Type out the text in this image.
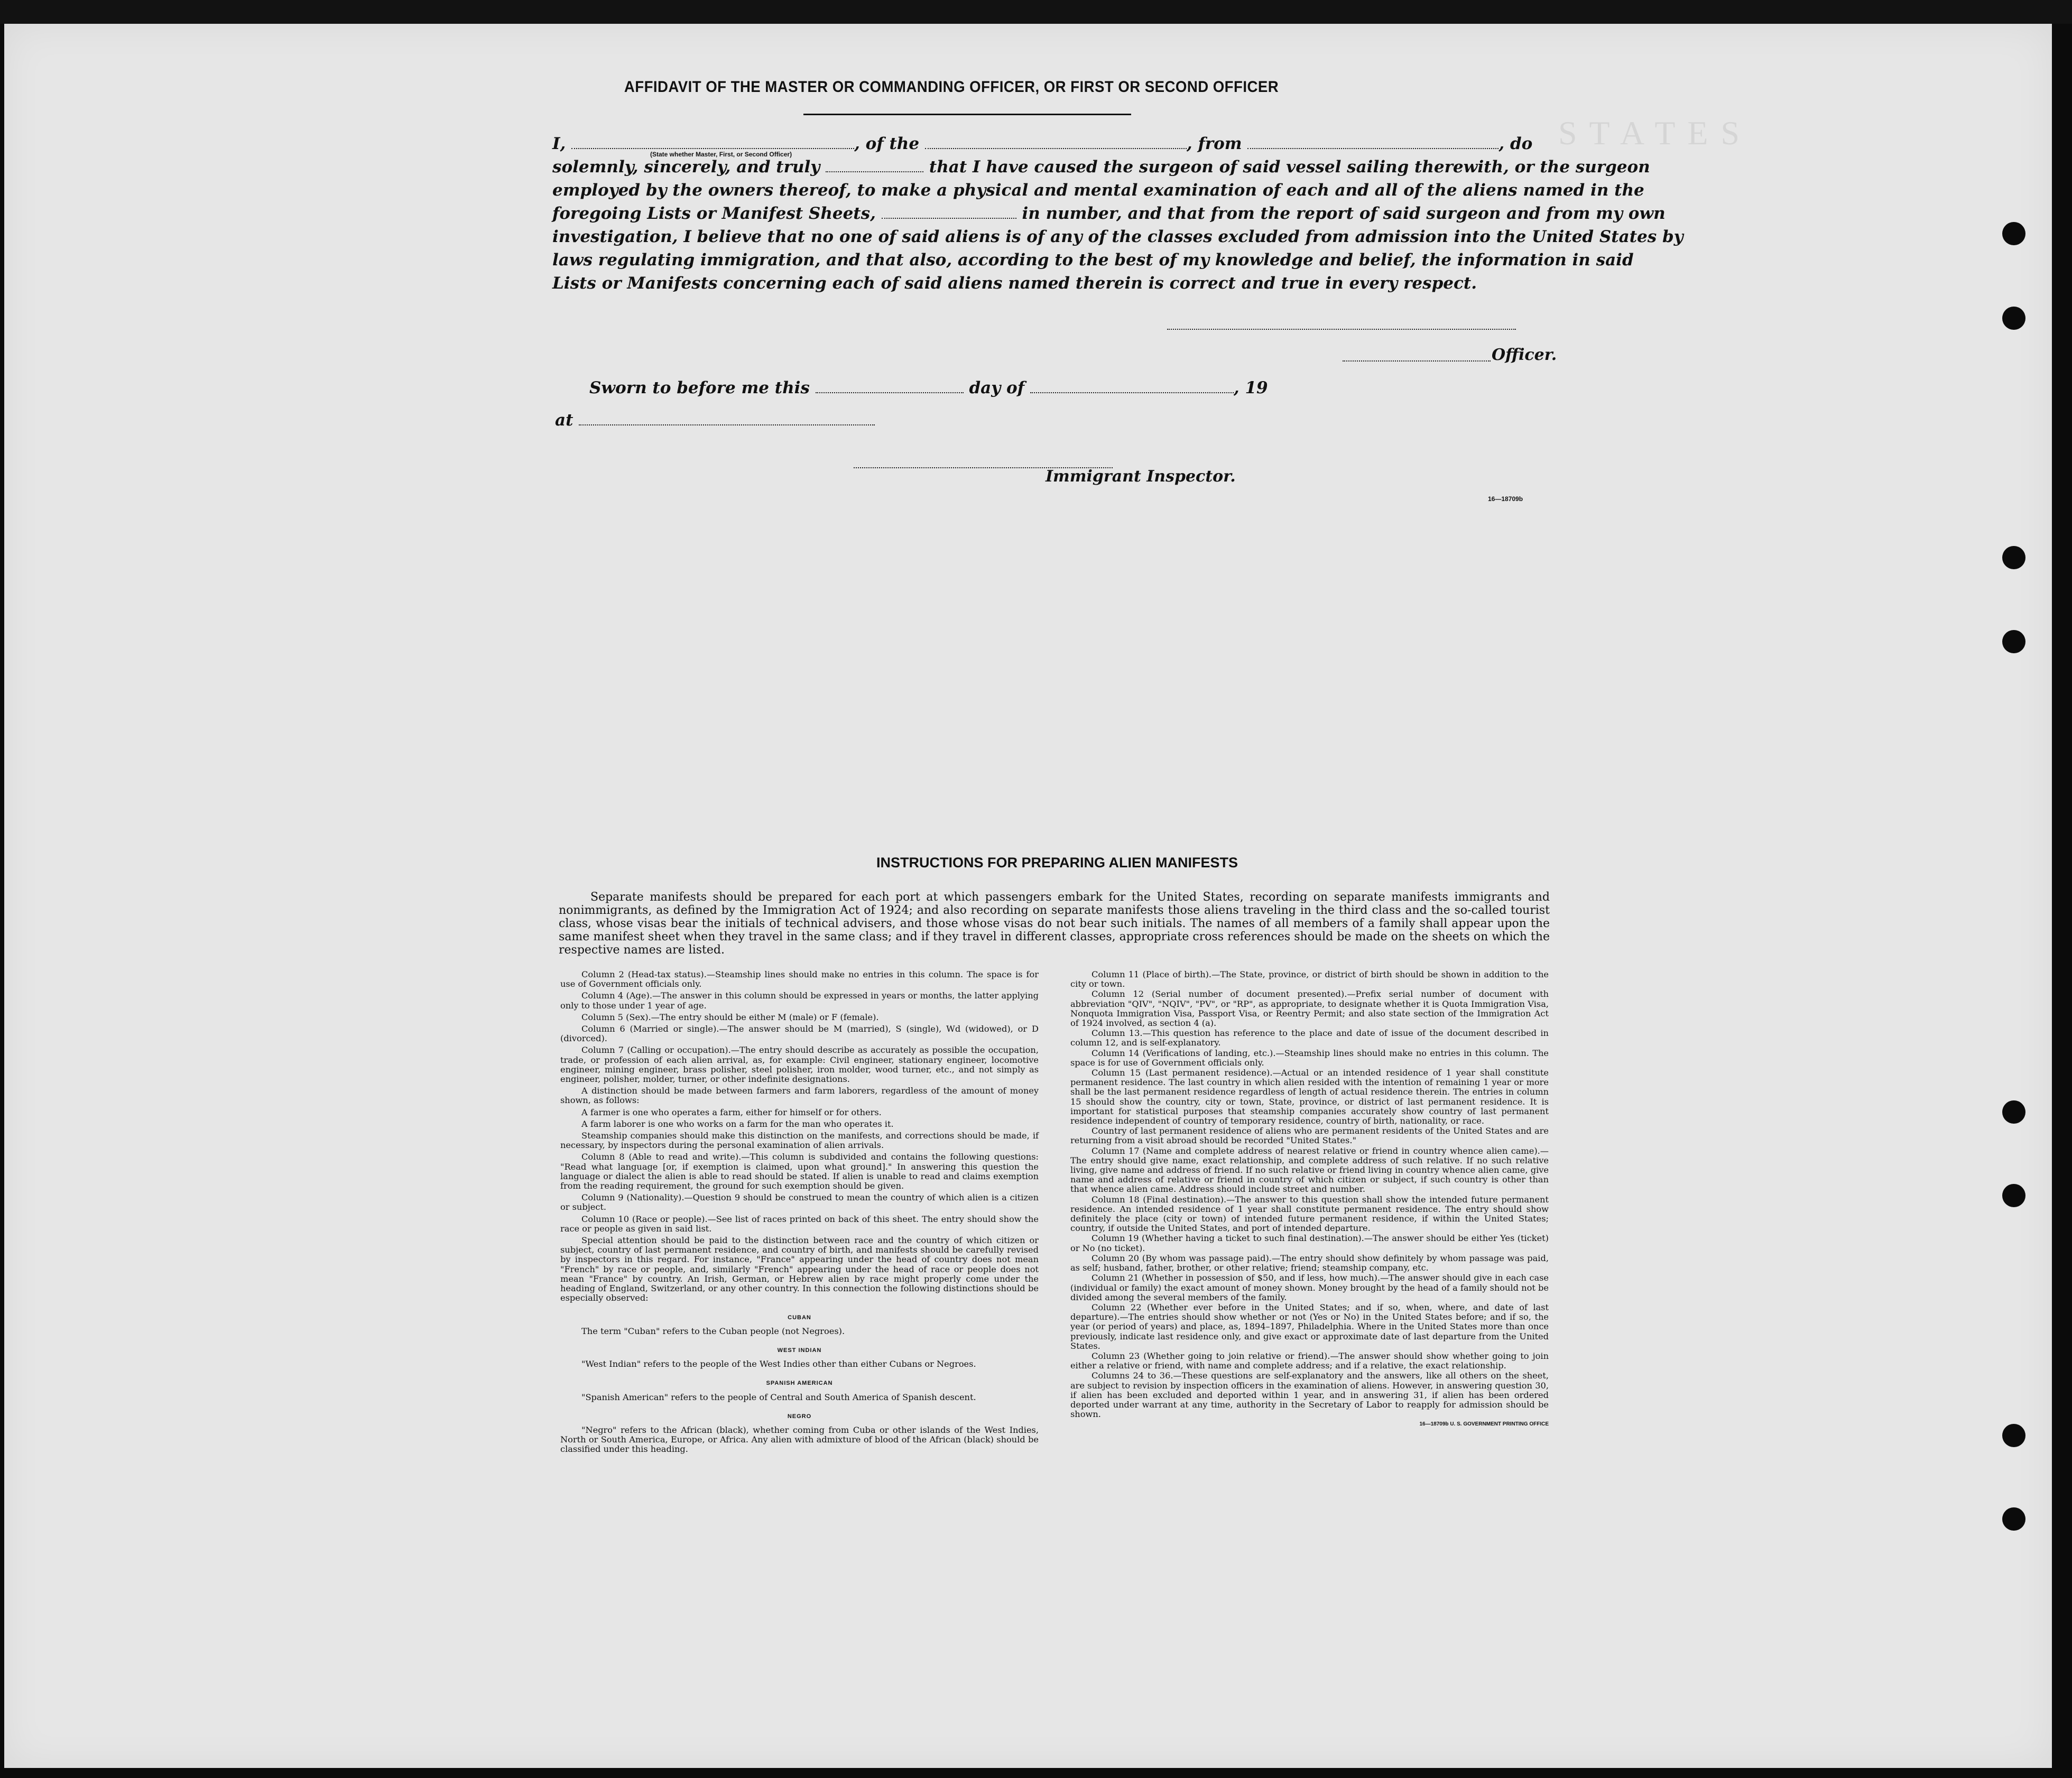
S T A T E S
AFFIDAVIT OF THE MASTER OR COMMANDING OFFICER, OR FIRST OR SECOND OFFICER
I,	, of the	, from	, do
(State whether Master, First, or Second Officer)
solemnly, sincerely, and truly	that I have caused the surgeon of said vessel sailing therewith, or the surgeon
employed by the owners thereof, to make a physical and mental examination of each and all of the aliens named in the
foregoing Lists or Manifest Sheets,	in number, and that from the report of said surgeon and from my own
investigation, I believe that no one of said aliens is of any of the classes excluded from admission into the United States by
laws regulating immigration, and that also, according to the best of my knowledge and belief, the information in said
Lists or Manifests concerning each of said aliens named therein is correct and true in every respect.
Officer.
Sworn to before me this	day of	, 19
at
Immigrant Inspector.
16—18709b
INSTRUCTIONS FOR PREPARING ALIEN MANIFESTS

Separate manifests should be prepared for each port at which passengers embark for the United States, recording on separate manifests immigrants and nonimmigrants, as defined by the Immigration Act of 1924; and also recording on separate manifests those aliens traveling in the third class and the so-called tourist class, whose visas bear the initials of technical advisers, and those whose visas do not bear such initials. The names of all members of a family shall appear upon the same manifest sheet when they travel in the same class; and if they travel in different classes, appropriate cross references should be made on the sheets on which the respective names are listed.

Column 2 (Head-tax status).—Steamship lines should make no entries in this column. The space is for use of Government officials only.

Column 4 (Age).—The answer in this column should be expressed in years or months, the latter applying only to those under 1 year of age.

Column 5 (Sex).—The entry should be either M (male) or F (female).

Column 6 (Married or single).—The answer should be M (married), S (single), Wd (widowed), or D (divorced).

Column 7 (Calling or occupation).—The entry should describe as accurately as possible the occupation, trade, or profession of each alien arrival, as, for example: Civil engineer, stationary engineer, locomotive engineer, mining engineer, brass polisher, steel polisher, iron molder, wood turner, etc., and not simply as engineer, polisher, molder, turner, or other indefinite designations.

A distinction should be made between farmers and farm laborers, regardless of the amount of money shown, as follows:

A farmer is one who operates a farm, either for himself or for others.

A farm laborer is one who works on a farm for the man who operates it.

Steamship companies should make this distinction on the manifests, and corrections should be made, if necessary, by inspectors during the personal examination of alien arrivals.

Column 8 (Able to read and write).—This column is subdivided and contains the following questions: "Read what language [or, if exemption is claimed, upon what ground]." In answering this question the language or dialect the alien is able to read should be stated. If alien is unable to read and claims exemption from the reading requirement, the ground for such exemption should be given.

Column 9 (Nationality).—Question 9 should be construed to mean the country of which alien is a citizen or subject.

Column 10 (Race or people).—See list of races printed on back of this sheet. The entry should show the race or people as given in said list.

Special attention should be paid to the distinction between race and the country of which citizen or subject, country of last permanent residence, and country of birth, and manifests should be carefully revised by inspectors in this regard. For instance, "France" appearing under the head of country does not mean "French" by race or people, and, similarly "French" appearing under the head of race or people does not mean "France" by country. An Irish, German, or Hebrew alien by race might properly come under the heading of England, Switzerland, or any other country. In this connection the following distinctions should be especially observed:

CUBAN

The term "Cuban" refers to the Cuban people (not Negroes).

WEST INDIAN

"West Indian" refers to the people of the West Indies other than either Cubans or Negroes.

SPANISH AMERICAN

"Spanish American" refers to the people of Central and South America of Spanish descent.

NEGRO

"Negro" refers to the African (black), whether coming from Cuba or other islands of the West Indies, North or South America, Europe, or Africa. Any alien with admixture of blood of the African (black) should be classified under this heading.

Column 11 (Place of birth).—The State, province, or district of birth should be shown in addition to the city or town.

Column 12 (Serial number of document presented).—Prefix serial number of document with abbreviation "QIV", "NQIV", "PV", or "RP", as appropriate, to designate whether it is Quota Immigration Visa, Nonquota Immigration Visa, Passport Visa, or Reentry Permit; and also state section of the Immigration Act of 1924 involved, as section 4 (a).

Column 13.—This question has reference to the place and date of issue of the document described in column 12, and is self-explanatory.

Column 14 (Verifications of landing, etc.).—Steamship lines should make no entries in this column. The space is for use of Government officials only.

Column 15 (Last permanent residence).—Actual or an intended residence of 1 year shall constitute permanent residence. The last country in which alien resided with the intention of remaining 1 year or more shall be the last permanent residence regardless of length of actual residence therein. The entries in column 15 should show the country, city or town, State, province, or district of last permanent residence. It is important for statistical purposes that steamship companies accurately show country of last permanent residence independent of country of temporary residence, country of birth, nationality, or race.

Country of last permanent residence of aliens who are permanent residents of the United States and are returning from a visit abroad should be recorded "United States."

Column 17 (Name and complete address of nearest relative or friend in country whence alien came).—The entry should give name, exact relationship, and complete address of such relative. If no such relative living, give name and address of friend. If no such relative or friend living in country whence alien came, give name and address of relative or friend in country of which citizen or subject, if such country is other than that whence alien came. Address should include street and number.

Column 18 (Final destination).—The answer to this question shall show the intended future permanent residence. An intended residence of 1 year shall constitute permanent residence. The entry should show definitely the place (city or town) of intended future permanent residence, if within the United States; country, if outside the United States, and port of intended departure.

Column 19 (Whether having a ticket to such final destination).—The answer should be either Yes (ticket) or No (no ticket).

Column 20 (By whom was passage paid).—The entry should show definitely by whom passage was paid, as self; husband, father, brother, or other relative; friend; steamship company, etc.

Column 21 (Whether in possession of $50, and if less, how much).—The answer should give in each case (individual or family) the exact amount of money shown. Money brought by the head of a family should not be divided among the several members of the family.

Column 22 (Whether ever before in the United States; and if so, when, where, and date of last departure).—The entries should show whether or not (Yes or No) in the United States before; and if so, the year (or period of years) and place, as, 1894–1897, Philadelphia. Where in the United States more than once previously, indicate last residence only, and give exact or approximate date of last departure from the United States.

Column 23 (Whether going to join relative or friend).—The answer should show whether going to join either a relative or friend, with name and complete address; and if a relative, the exact relationship.

Columns 24 to 36.—These questions are self-explanatory and the answers, like all others on the sheet, are subject to revision by inspection officers in the examination of aliens. However, in answering question 30, if alien has been excluded and deported within 1 year, and in answering 31, if alien has been ordered deported under warrant at any time, authority in the Secretary of Labor to reapply for admission should be shown.

16—18709b U. S. GOVERNMENT PRINTING OFFICE
